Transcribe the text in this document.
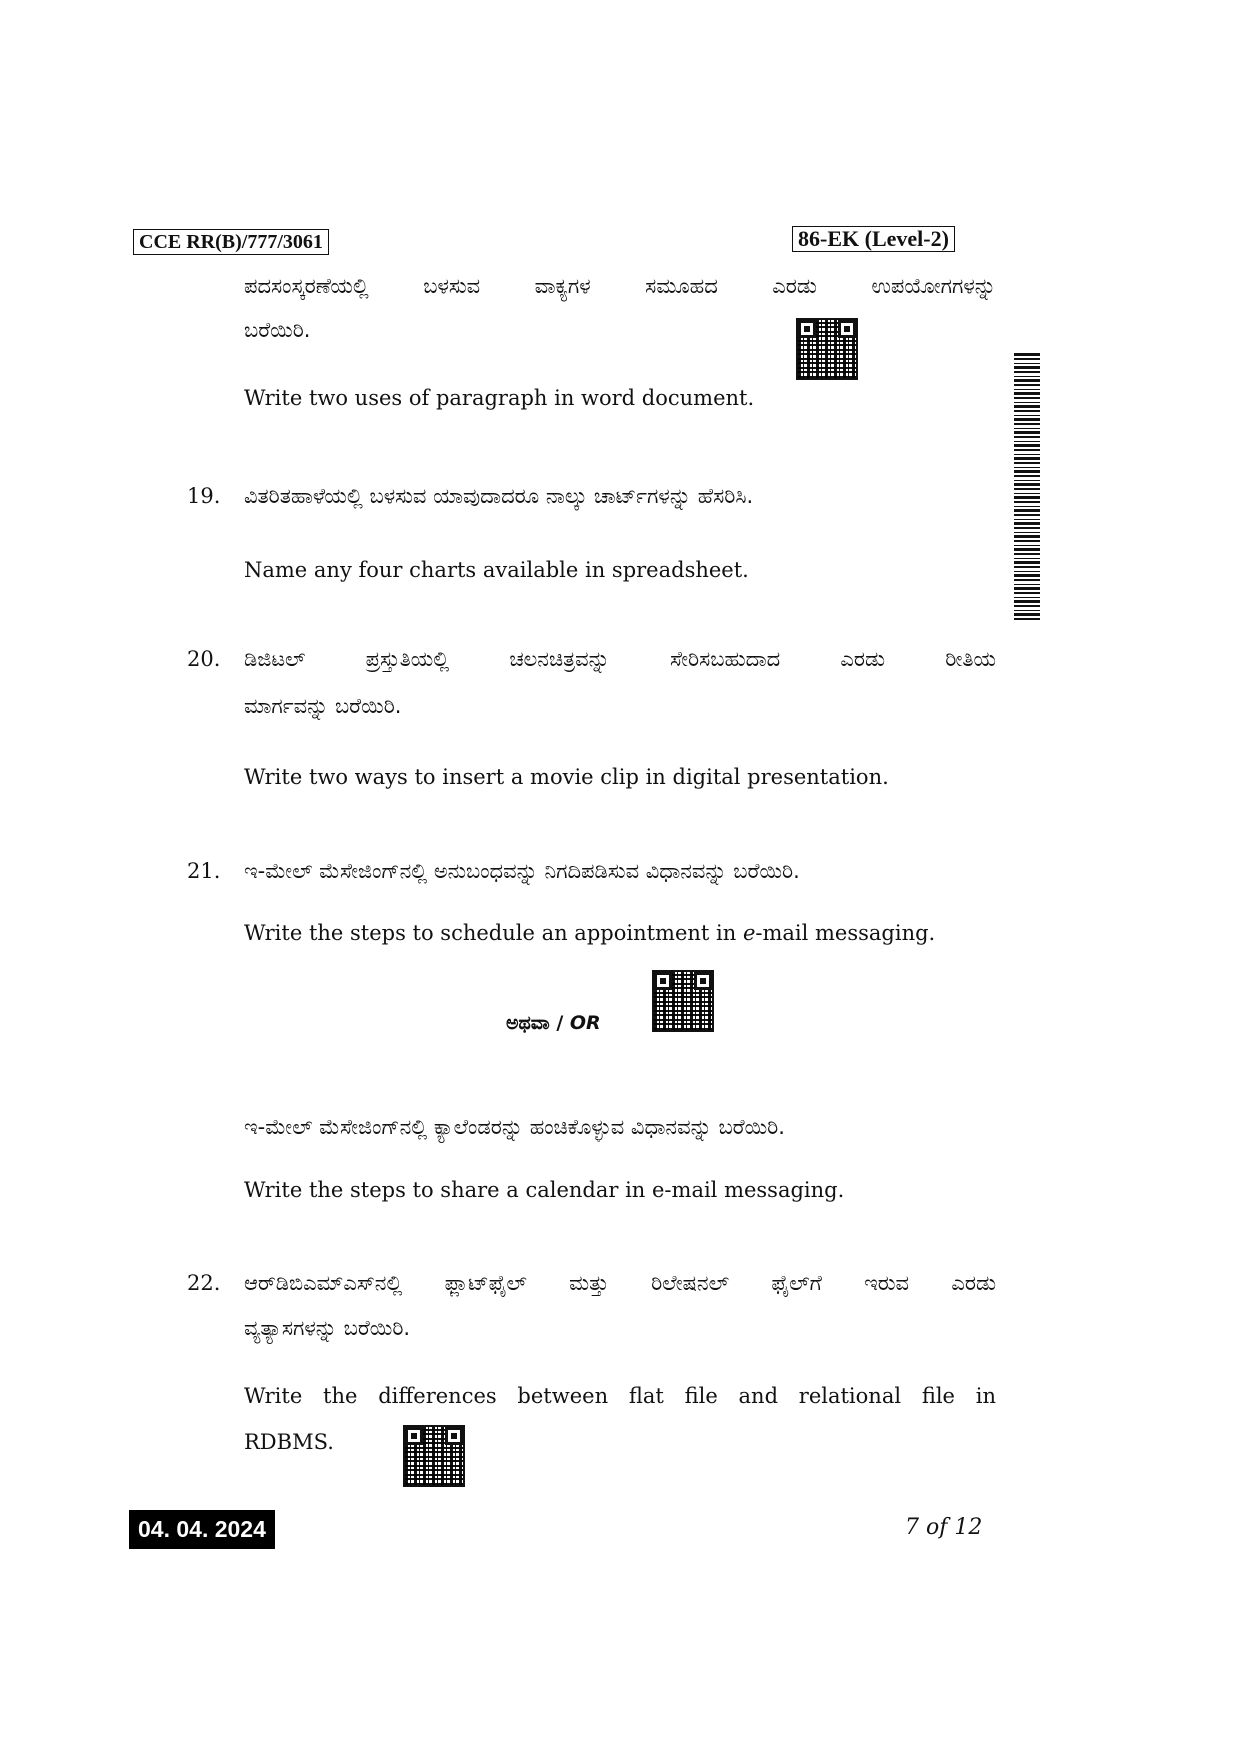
CCE RR(B)/777/3061	86-EK (Level-2)
ಪದಸಂಸ್ಕರಣೆಯಲ್ಲಿ ಬಳಸುವ ವಾಕ್ಯಗಳ ಸಮೂಹದ ಎರಡು ಉಪಯೋಗಗಳನ್ನು
ಬರೆಯಿರಿ.
Write two uses of paragraph in word document.
19. ವಿತರಿತಹಾಳೆಯಲ್ಲಿ ಬಳಸುವ ಯಾವುದಾದರೂ ನಾಲ್ಕು ಚಾರ್ಟ್‌ಗಳನ್ನು ಹೆಸರಿಸಿ.
Name any four charts available in spreadsheet.
20. ಡಿಜಿಟಲ್ ಪ್ರಸ್ತುತಿಯಲ್ಲಿ ಚಲನಚಿತ್ರವನ್ನು ಸೇರಿಸಬಹುದಾದ ಎರಡು ರೀತಿಯ
ಮಾರ್ಗವನ್ನು ಬರೆಯಿರಿ.
Write two ways to insert a movie clip in digital presentation.
21. ಇ-ಮೇಲ್ ಮೆಸೇಜಿಂಗ್‌ನಲ್ಲಿ ಅನುಬಂಧವನ್ನು ನಿಗದಿಪಡಿಸುವ ವಿಧಾನವನ್ನು ಬರೆಯಿರಿ.
Write the steps to schedule an appointment in e-mail messaging.
ಅಥವಾ / OR
ಇ-ಮೇಲ್ ಮೆಸೇಜಿಂಗ್‌ನಲ್ಲಿ ಕ್ಯಾಲೆಂಡರನ್ನು ಹಂಚಿಕೊಳ್ಳುವ ವಿಧಾನವನ್ನು ಬರೆಯಿರಿ.
Write the steps to share a calendar in e-mail messaging.
22. ಆರ್‌ಡಿಬಿಎಮ್‌ಎಸ್‌ನಲ್ಲಿ ಫ್ಲಾಟ್‌ಫೈಲ್ ಮತ್ತು ರಿಲೇಷನಲ್ ಫೈಲ್‌ಗೆ ಇರುವ ಎರಡು
ವ್ಯತ್ಯಾಸಗಳನ್ನು ಬರೆಯಿರಿ.
Write the differences between flat file and relational file in
RDBMS.
04. 04. 2024	7 of 12
